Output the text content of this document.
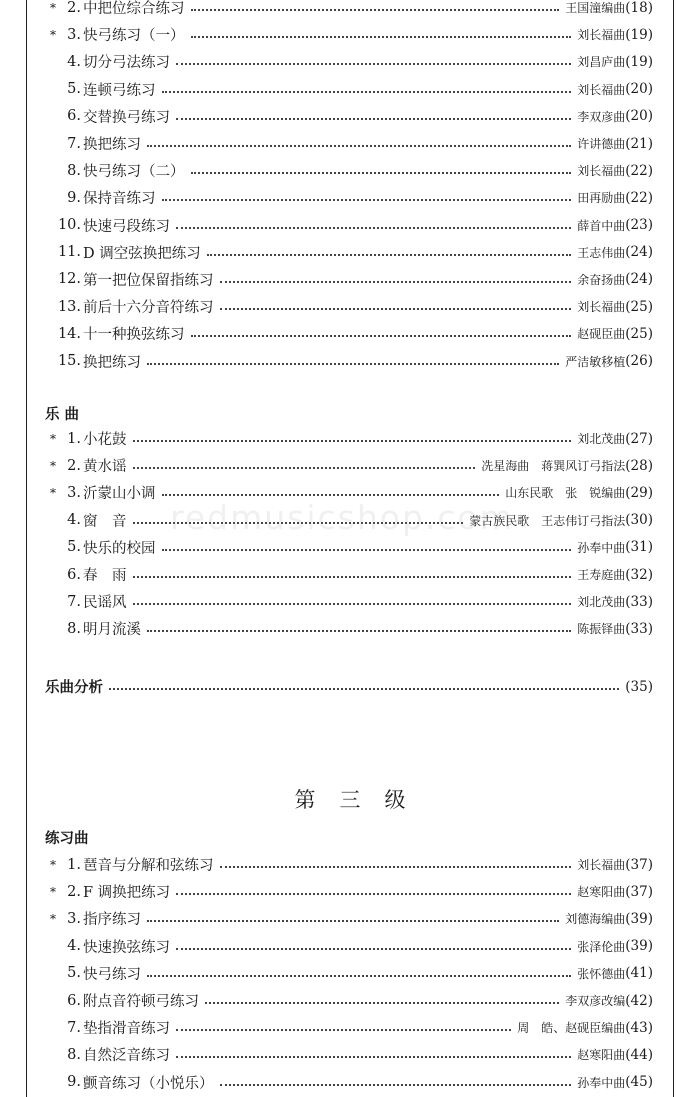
* 2. 中把位综合练习	王国潼编曲 (18)
* 3. 快弓练习（一）	刘长福曲 (19)
4. 切分弓法练习	刘昌庐曲 (19)
5. 连顿弓练习	刘长福曲 (20)
6. 交替换弓练习	李双彦曲 (20)
7. 换把练习	许讲德曲 (21)
8. 快弓练习（二）	刘长福曲 (22)
9. 保持音练习	田再励曲 (22)
10. 快速弓段练习	薛首中曲 (23)
11. D 调空弦换把练习	王志伟曲 (24)
12. 第一把位保留指练习	余奋扬曲 (24)
13. 前后十六分音符练习	刘长福曲 (25)
14. 十一种换弦练习	赵砚臣曲 (25)
15. 换把练习	严洁敏移植 (26)
乐 曲
* 1. 小花鼓	刘北茂曲 (27)
* 2. 黄水谣	冼星海曲　蒋巽风订弓指法 (28)
* 3. 沂蒙山小调	山东民歌　张　锐编曲 (29)
4. 窗　音	蒙古族民歌　王志伟订弓指法 (30)
5. 快乐的校园	孙奉中曲 (31)
6. 春　雨	王寿庭曲 (32)
7. 民谣风	刘北茂曲 (33)
8. 明月流溪	陈振铎曲 (33)
乐曲分析	(35)
第三级
练习曲
* 1. 琶音与分解和弦练习	刘长福曲 (37)
* 2. F 调换把练习	赵寒阳曲 (37)
* 3. 指序练习	刘德海编曲 (39)
4. 快速换弦练习	张泽伦曲 (39)
5. 快弓练习	张怀德曲 (41)
6. 附点音符顿弓练习	李双彦改编 (42)
7. 垫指滑音练习	周　皓、赵砚臣编曲 (43)
8. 自然泛音练习	赵寒阳曲 (44)
9. 颤音练习（小悦乐）	孙奉中曲 (45)
redmusicshop.com
